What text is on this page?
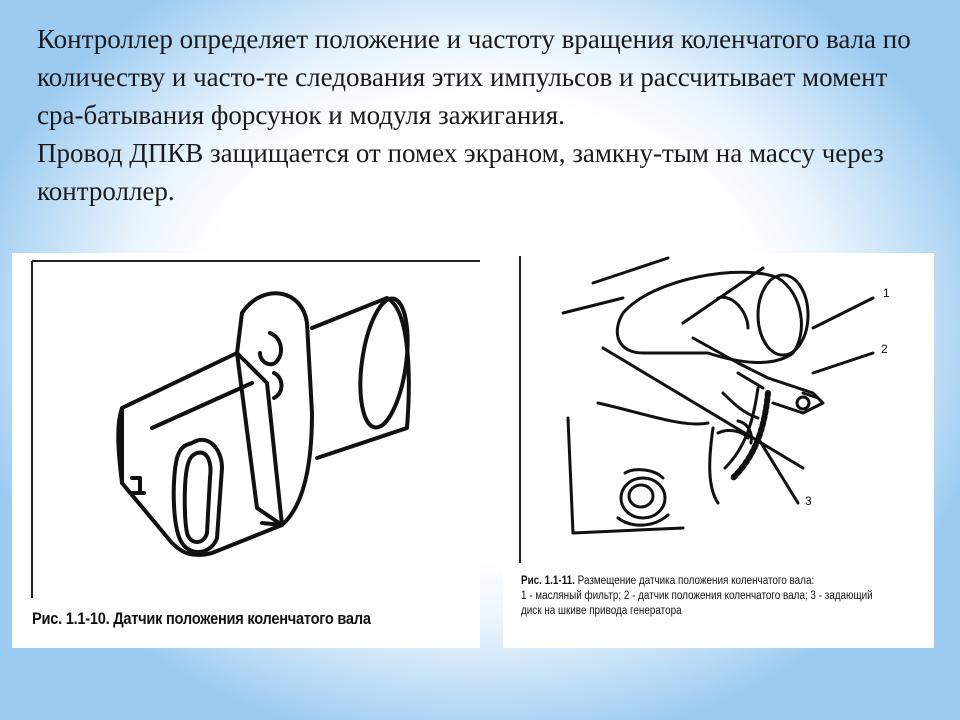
Контроллер определяет положение и частоту вращения коленчатого вала по количеству и часто-те следования этих импульсов и рассчитывает момент сра-батывания форсунок и модуля зажигания.

Провод ДПКВ защищается от помех экраном, замкну-тым на массу через контроллер.

Рис. 1.1-10. Датчик положения коленчатого вала
1
2
3

Рис. 1.1-11. Размещение датчика положения коленчатого вала:

1 - масляный фильтр; 2 - датчик положения коленчатого вала; 3 - задающий

диск на шкиве привода генератора
